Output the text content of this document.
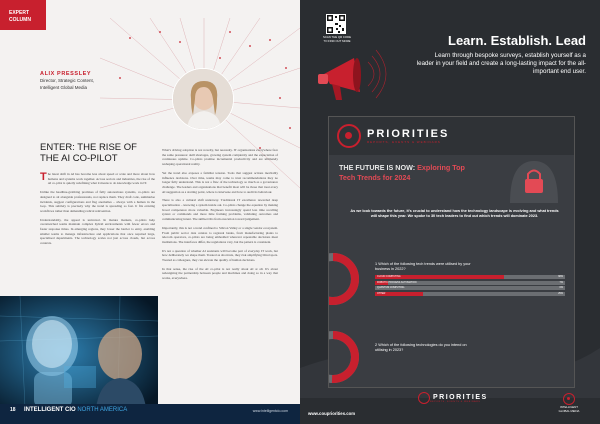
EXPERT COLUMN
ALIX PRESSLEY
Director, Strategic Content,
Intelligent Global Media
ENTER: THE RISE OF
THE AI CO-PILOT

The latest shift in AI has become less about speed or scale and more about how humans and systems work together. Across sectors and industries, the rise of the AI co-pilot is quietly redefining what it means to do knowledge work in IT.

Unlike the headline-grabbing promises of fully autonomous systems, co-pilots are designed to sit alongside professionals, not replace them. They draft code, summarise incidents, suggest configurations and flag anomalies – always with a human in the loop. This subtlety is precisely why the trend is spreading so fast. It fits existing workflows rather than demanding radical reinvention.

Understandably, the appeal is universal. In mature markets, co-pilots help overstretched teams maintain complex hybrid environments with fewer errors and faster response times. In emerging regions, they lower the barrier to entry, enabling smaller teams to manage infrastructure and applications that once required large, specialised departments. The technology scales not just across clouds, but across contexts.

What's driving adoption is not novelty, but necessity. IT organisations everywhere face the same pressures: skill shortages, growing system complexity and the expectation of continuous uptime. Co-pilots promise incremental productivity and are ultimately reshaping operational reality.

Yet the trend also exposes a familiar tension. Tools that suggest actions inevitably influence decisions. Over time, teams may come to trust recommendations they no longer fully understand. This is not a flaw of the technology so much as a governance challenge. The leaders and organisations that benefit most will be those that treat every AI suggestion as a starting point, where to intervene and how to audit its behaviour.

There is also a cultural shift underway. Traditional IT excellence rewarded deep specialisation – knowing a system inside out. Co-pilots change the equation by making broad competence more valuable. Engineers increasingly spend less time recalling syntax or commands and more time framing problems, validating outcomes and communicating intent. The skillset tilts from execution toward judgement.

Importantly, this is not a trend confined to Silicon Valley or a single vendor ecosystem. From public sector data centres to regional banks, from manufacturing plants to telecom operators, co-pilots are being embedded wherever repeatable decisions meet institutions. The interfaces differ, the regulations vary, but the pattern is consistent.

It's not a question of whether AI assistants will become part of everyday IT work, but how deliberately we shape them. Treated as shortcuts, they risk amplifying blind spots. Treated as colleagues, they can elevate the quality of human decisions.

In that sense, the rise of the AI co-pilot is not really about AI at all. It's about redesigning the partnership between people and machines and doing so in a way that works, everywhere.

18 INTELLIGENT CIO NORTH AMERICA	www.intelligentcio.com
SCAN THE QR CODE TO FIND OUT MORE	Learn. Establish. Lead
Learn through bespoke surveys, establish yourself as a leader in your field and create a long-lasting impact for the all-important end user.
PRIORITIES
REPORTS, EVENTS & WEBINARS
THE FUTURE IS NOW: Exploring Top
Tech Trends for 2024
As we look towards the future, it's crucial to understand how the technology landscape is evolving and what trends will shape this year. We spoke to 30 tech leaders to find out which trends will dominate 2023.
1 Which of the following tech trends were utilised by your business in 2022?
CLOUD COMPUTING	68%
ROBOTIC PROCESS AUTOMATION	7%
QUANTUM COMPUTING	0%
OTHER	25%
2 Which of the following technologies do you intend on utilising in 2023?
PRIORITIES
REPORTS, EVENTS & WEBINARS
www.coupriorities.com
INTELLIGENT
GLOBAL MEDIA
